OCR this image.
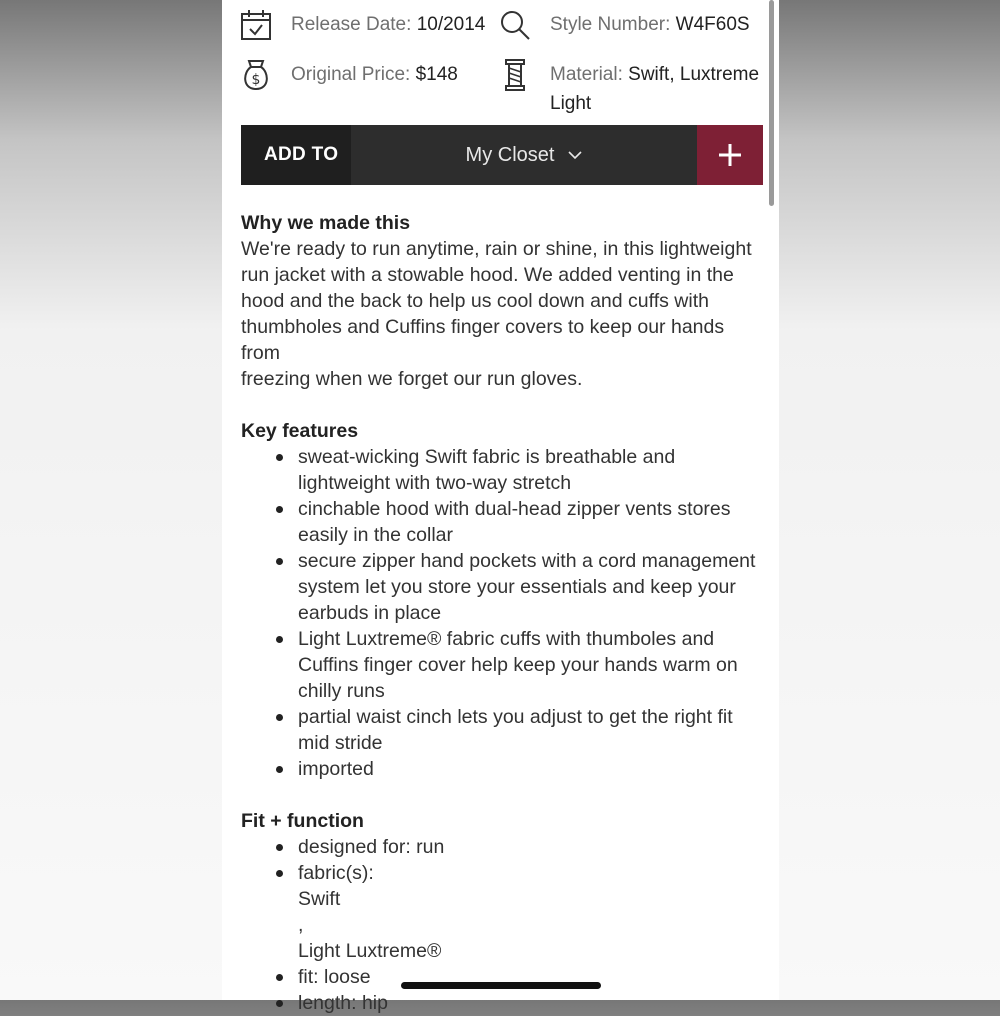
Release Date: 10/2014	Style Number: W4F60S
$ Original Price: $148	Material: Swift, Luxtreme
Light
ADD TO	My Closet
Why we made this
We're ready to run anytime, rain or shine, in this lightweight
run jacket with a stowable hood. We added venting in the
hood and the back to help us cool down and cuffs with
thumbholes and Cuffins finger covers to keep our hands from
freezing when we forget our run gloves.
Key features
sweat-wicking Swift fabric is breathable and
lightweight with two-way stretch
cinchable hood with dual-head zipper vents stores
easily in the collar
secure zipper hand pockets with a cord management
system let you store your essentials and keep your
earbuds in place
Light Luxtreme® fabric cuffs with thumboles and
Cuffins finger cover help keep your hands warm on
chilly runs
partial waist cinch lets you adjust to get the right fit
mid stride
imported
Fit + function
designed for: run
fabric(s):
Swift
,
Light Luxtreme®
fit: loose
length: hip
